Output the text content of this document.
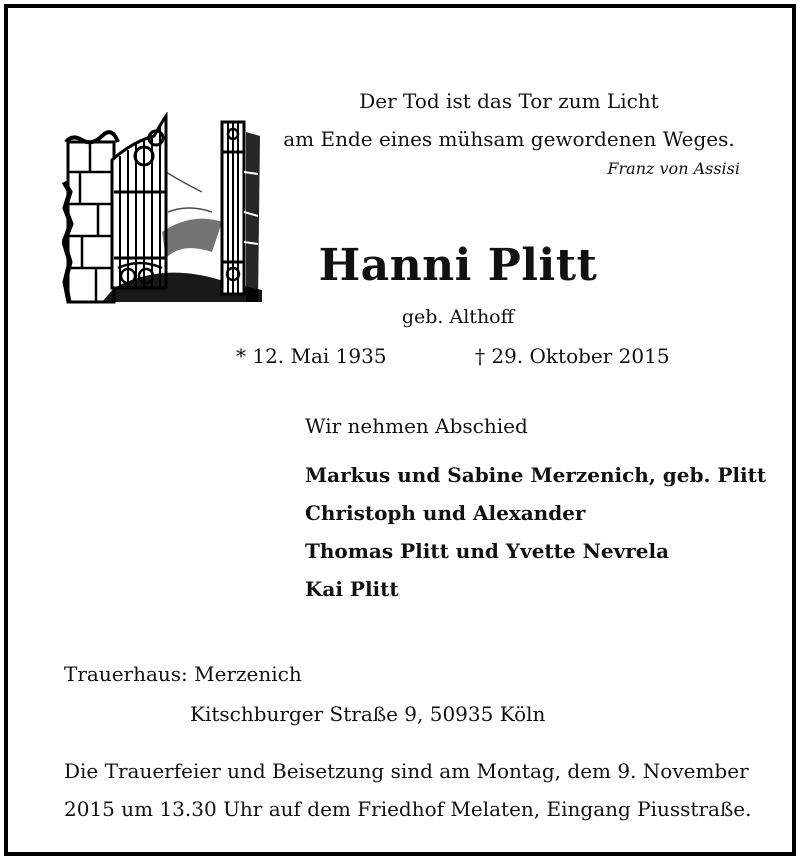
Der Tod ist das Tor zum Licht
am Ende eines mühsam gewordenen Weges.
Franz von Assisi
Hanni Plitt
geb. Althoff
* 12. Mai 1935	† 29. Oktober 2015
Wir nehmen Abschied
Markus und Sabine Merzenich, geb. Plitt
Christoph und Alexander
Thomas Plitt und Yvette Nevrela
Kai Plitt
Trauerhaus: Merzenich
Kitschburger Straße 9, 50935 Köln
Die Trauerfeier und Beisetzung sind am Montag, dem 9. November
2015 um 13.30 Uhr auf dem Friedhof Melaten, Eingang Piusstraße.
